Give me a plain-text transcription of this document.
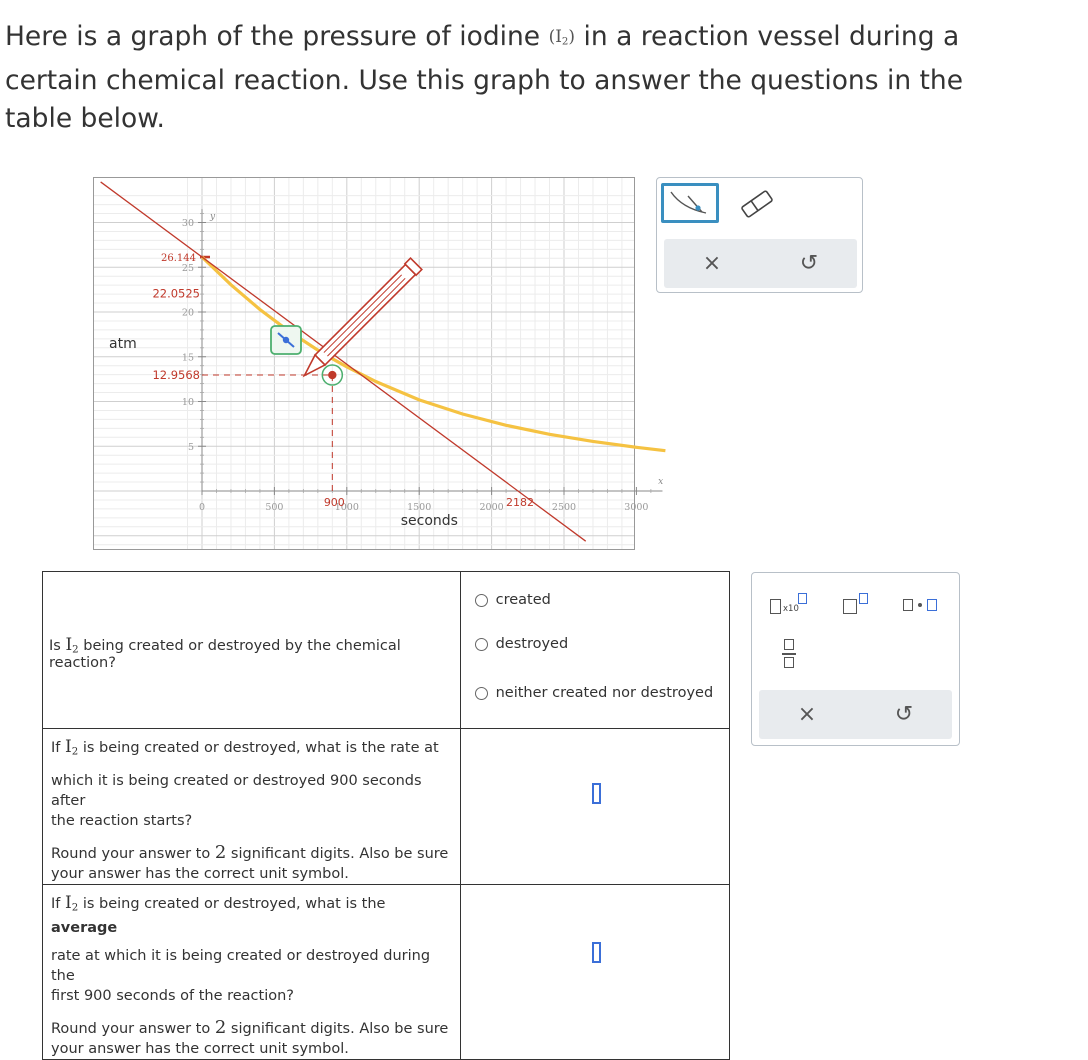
Here is a graph of the pressure of iodine $(I_2)$ in a reaction vessel during a
certain chemical reaction. Use this graph to answer the questions in the
table below.
5
10
15
20
25
30
0	500	1000	1500	2000	2500	3000
26.144
22.0525
12.9568
900	2182
y
x
atm
seconds
×	↺
Is $I_2$ being created or destroyed by the chemical reaction?	created
destroyed
neither created nor destroyed

If $I_2$ is being created or destroyed, what is the rate at
which it is being created or destroyed 900 seconds after
the reaction starts?
Round your answer to 2 significant digits. Also be sure
your answer has the correct unit symbol.	

If $I_2$ is being created or destroyed, what is the average
rate at which it is being created or destroyed during the
first 900 seconds of the reaction?
Round your answer to 2 significant digits. Also be sure
your answer has the correct unit symbol.	

x10
×	↺
